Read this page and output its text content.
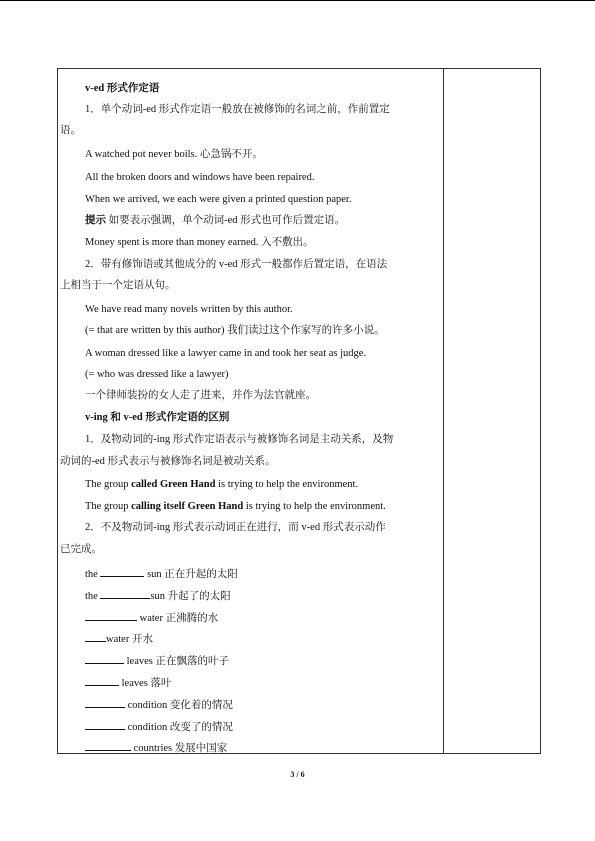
v-ed 形式作定语
1．单个动词-ed 形式作定语一般放在被修饰的名词之前，作前置定
语。
A watched pot never boils. 心急锅不开。
All the broken doors and windows have been repaired.
When we arrived, we each were given a printed question paper.
提示 如要表示强调，单个动词-ed 形式也可作后置定语。
Money spent is more than money earned. 入不敷出。
2．带有修饰语或其他成分的 v-ed 形式一般都作后置定语，在语法
上相当于一个定语从句。
We have read many novels written by this author.
(= that are written by this author) 我们读过这个作家写的许多小说。
A woman dressed like a lawyer came in and took her seat as judge.
(= who was dressed like a lawyer)
一个律师装扮的女人走了进来，并作为法官就座。
v-ing 和 v-ed 形式作定语的区别
1．及物动词的-ing 形式作定语表示与被修饰名词是主动关系，及物
动词的-ed 形式表示与被修饰名词是被动关系。
The group called Green Hand is trying to help the environment.
The group calling itself Green Hand is trying to help the environment.
2．不及物动词-ing 形式表示动词正在进行，而 v-ed 形式表示动作
已完成。
the	sun 正在升起的太阳
the	sun 升起了的太阳
water 正沸腾的水
water 开水
leaves 正在飘落的叶子
leaves 落叶
condition 变化着的情况
condition 改变了的情况
countries 发展中国家
3 / 6
